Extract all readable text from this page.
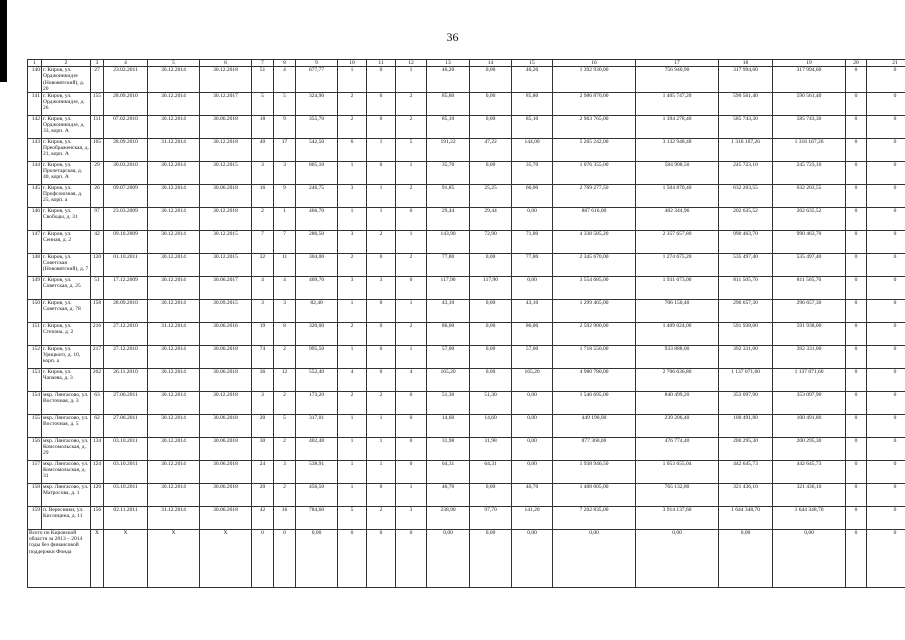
36
1	2	3	4	5	6	7	8	9	10	11	12	13	14	15	16	17	18	19	20	21
140	г. Киров, ул. Орджоникидзе (Нововятский), д. 20	27	23.02.2011	30.12.2014	30.12.2018	51	4	677,77	1	0	1	46,20	0,00	46,20	1 392 930,00	756 940,90	317 994,60	317 994,60	0	0
141	г. Киров, ул. Орджоникидзе, д. 26	155	28.09.2010	30.12.2014	30.12.2017	5	5	324,90	2	0	2	85,80	0,00	85,80	2 986 870,00	1 405 747,20	590 561,40	590 561,40	0	0
142	г. Киров, ул. Орджоникидзе, д. 33, корп. А	111	07.02.2010	30.12.2014	30.06.2018	18	9	355,70	2	0	2	85,10	0,00	85,10	2 963 765,00	1 394 278,40	585 743,30	585 743,30	0	0
143	г. Киров, ул. Преображенская, д. 21, корп. А	165	28.09.2010	31.12.2014	30.12.2018	40	17	542,50	6	1	5	191,22	47,22	144,00	5 265 242,00	3 132 948,48	1 316 167,26	1 316 167,26	0	0
144	г. Киров, ул. Пролетарская, д. 40, корп. А	29	30.03.2010	30.12.2014	30.12.2015	3	3	805,10	1	0	1	35,70	0,00	35,70	1 076 355,00	584 908,50	245 723,10	245 723,10	0	0
145	г. Киров, ул. Профсоюзная, д. 25, корп. а	26	09.07.2009	30.12.2014	30.06.2018	16	9	246,75	3	1	2	91,85	25,25	66,00	2 769 277,50	1 504 870,40	632 203,55	632 203,55	0	0
146	г. Киров, ул. Свободы, д. 31	97	23.03.2009	30.12.2014	30.12.2018	2	1	466,70	1	1	0	29,44	29,44	0,00	887 616,00	482 344,96	202 635,52	202 635,52	0	0
147	г. Киров, ул. Сенная, д. 2	42	09.10.2009	30.12.2014	30.12.2015	7	7	286,50	3	2	1	143,90	72,90	71,00	4 338 585,20	2 357 657,80	990 463,70	990 463,70	0	0
148	г. Киров, ул. Советская (Нововятский), д. 7	120	01.10.2011	30.12.2014	30.12.2015	32	11	304,00	2	0	2	77,80	0,00	77,80	2 345 670,00	1 274 675,20	535 497,40	535 497,40	0	0
149	г. Киров, ул. Советская, д. 25	51	17.12.2009	30.12.2014	30.06.2017	4	4	469,70	3	3	0	117,90	117,90	0,00	3 554 685,00	1 931 673,00	811 505,70	811 505,70	0	0
150	г. Киров, ул. Советская, д. 78	158	28.09.2010	30.12.2014	30.09.2015	3	3	82,40	1	0	1	43,10	0,00	43,10	1 299 465,00	706 150,40	296 657,30	296 657,30	0	0
151	г. Киров, ул. Степана, д. 2	216	27.12.2010	31.12.2014	30.06.2016	19	8	320,00	2	0	2	86,00	0,00	86,00	2 592 900,00	1 409 024,00	591 938,00	591 938,00	0	0
152	г. Киров, ул. Урицкого, д. 10, корп. а	217	27.12.2010	30.12.2014	30.06.2018	74	2	995,50	1	0	1	57,00	0,00	57,00	1 718 550,00	933 888,00	392 331,00	392 331,00	0	0
153	г. Киров, ул. Чапаева, д. 3	202	26.11.2010	30.12.2014	30.06.2018	36	12	552,40	4	0	4	165,20	0,00	165,20	4 980 780,00	2 706 636,80	1 137 071,60	1 137 071,60	0	0
154	мкр. Лянгасово, ул. Восточная, д. 3	63	27.06.2011	30.12.2014	30.12.2018	3	2	173,20	2	2	0	51,30	51,30	0,00	1 546 695,00	840 499,20	353 097,90	353 097,90	0	0
155	мкр. Лянгасово, ул. Восточная, д. 5	62	27.06.2011	30.12.2014	30.06.2018	20	5	317,01	1	1	0	14,60	14,60	0,00	449 190,00	239 206,40	100 491,80	100 491,80	0	0
156	мкр. Лянгасово, ул. Комсомольская, д. 29	134	03.10.2011	30.12.2014	30.06.2018	30	2	402,48	1	1	0	31,98	31,98	0,00	877 360,00	476 774,40	200 295,30	200 295,30	0	0
157	мкр. Лянгасово, ул. Комсомольская, д. 31	124	03.10.2011	30.12.2014	30.06.2018	24	3	538,91	1	1	0	64,31	64,31	0,00	1 938 946,50	1 053 655,04	442 645,73	442 645,73	0	0
158	мкр. Лянгасово, ул. Матросова, д. 1	126	03.10.2011	30.12.2014	30.06.2018	20	2	456,50	1	0	1	46,70	0,00	46,70	1 408 005,00	765 132,80	321 436,10	321 436,10	0	0
159	п. Вересники, ул. Кислицина, д. 11	156	02.11.2011	31.12.2014	30.06.2018	42	16	784,60	5	2	3	238,90	97,70	141,20	7 202 835,00	3 914 137,60	1 644 348,70	1 644 348,70	0	0
Всего по Кировской области за 2013 – 2014 годы без финансовой поддержки Фонда		X	X	X	X	0	0	0,00	0	0	0	0,00	0,00	0,00	0,00	0,00	0,00	0,00	0	0
